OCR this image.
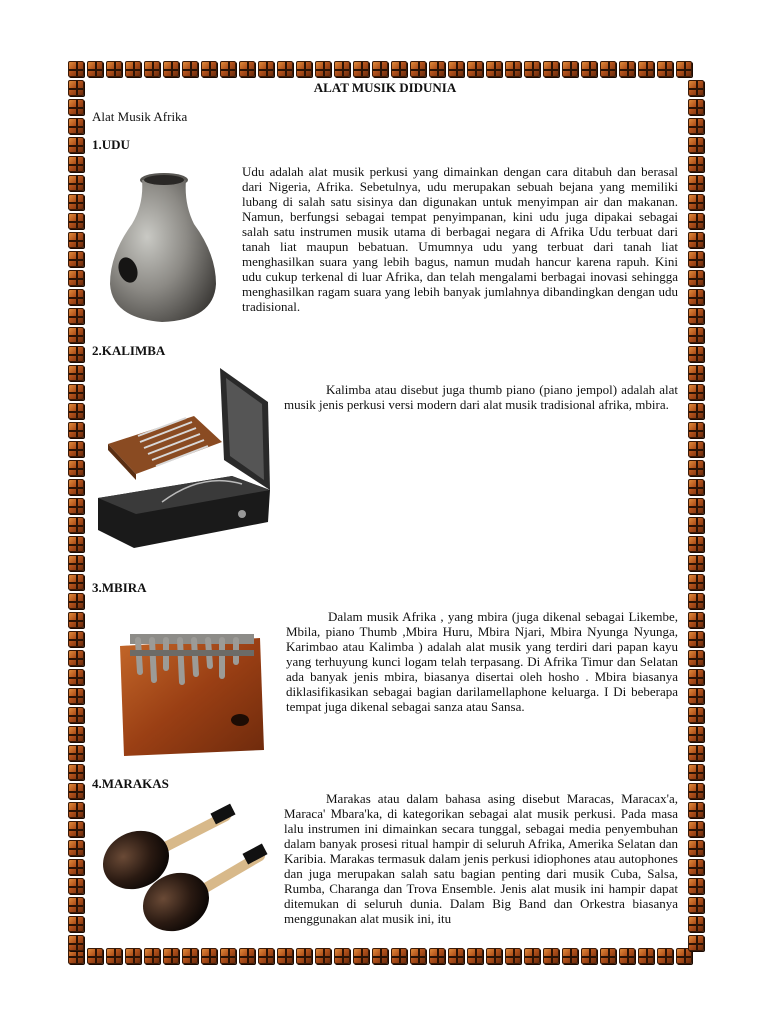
ALAT MUSIK DIDUNIA
Alat Musik Afrika
1.UDU

Udu adalah alat musik perkusi yang dimainkan dengan cara ditabuh dan berasal dari Nigeria, Afrika. Sebetulnya, udu merupakan sebuah bejana yang memiliki lubang di salah satu sisinya dan digunakan untuk menyimpan air dan makanan. Namun, berfungsi sebagai tempat penyimpanan, kini udu juga dipakai sebagai salah satu instrumen musik utama di berbagai negara di Afrika Udu terbuat dari tanah liat maupun bebatuan. Umumnya udu yang terbuat dari tanah liat menghasilkan suara yang lebih bagus, namun mudah hancur karena rapuh. Kini udu cukup terkenal di luar Afrika, dan telah mengalami berbagai inovasi sehingga menghasilkan ragam suara yang lebih banyak jumlahnya dibandingkan dengan udu tradisional.

2.KALIMBA

Kalimba atau disebut juga thumb piano (piano jempol) adalah alat musik jenis perkusi versi modern dari alat musik tradisional afrika, mbira.

3.MBIRA

Dalam musik Afrika , yang mbira (juga dikenal sebagai Likembe, Mbila, piano Thumb ,Mbira Huru, Mbira Njari, Mbira Nyunga Nyunga, Karimbao atau Kalimba ) adalah alat musik yang terdiri dari papan kayu yang terhuyung kunci logam telah terpasang. Di Afrika Timur dan Selatan ada banyak jenis mbira, biasanya disertai oleh hosho . Mbira biasanya diklasifikasikan sebagai bagian darilamellaphone keluarga. I Di beberapa tempat juga dikenal sebagai sanza atau Sansa.

4.MARAKAS

Marakas atau dalam bahasa asing disebut Maracas, Maracax'a, Maraca' Mbara'ka, di kategorikan sebagai alat musik perkusi. Pada masa lalu instrumen ini dimainkan secara tunggal, sebagai media penyembuhan dalam banyak prosesi ritual hampir di seluruh Afrika, Amerika Selatan dan Karibia. Marakas termasuk dalam jenis perkusi idiophones atau autophones dan juga merupakan salah satu bagian penting dari musik Cuba, Salsa, Rumba, Charanga dan Trova Ensemble. Jenis alat musik ini hampir dapat ditemukan di seluruh dunia. Dalam Big Band dan Orkestra biasanya menggunakan alat musik ini, itu
